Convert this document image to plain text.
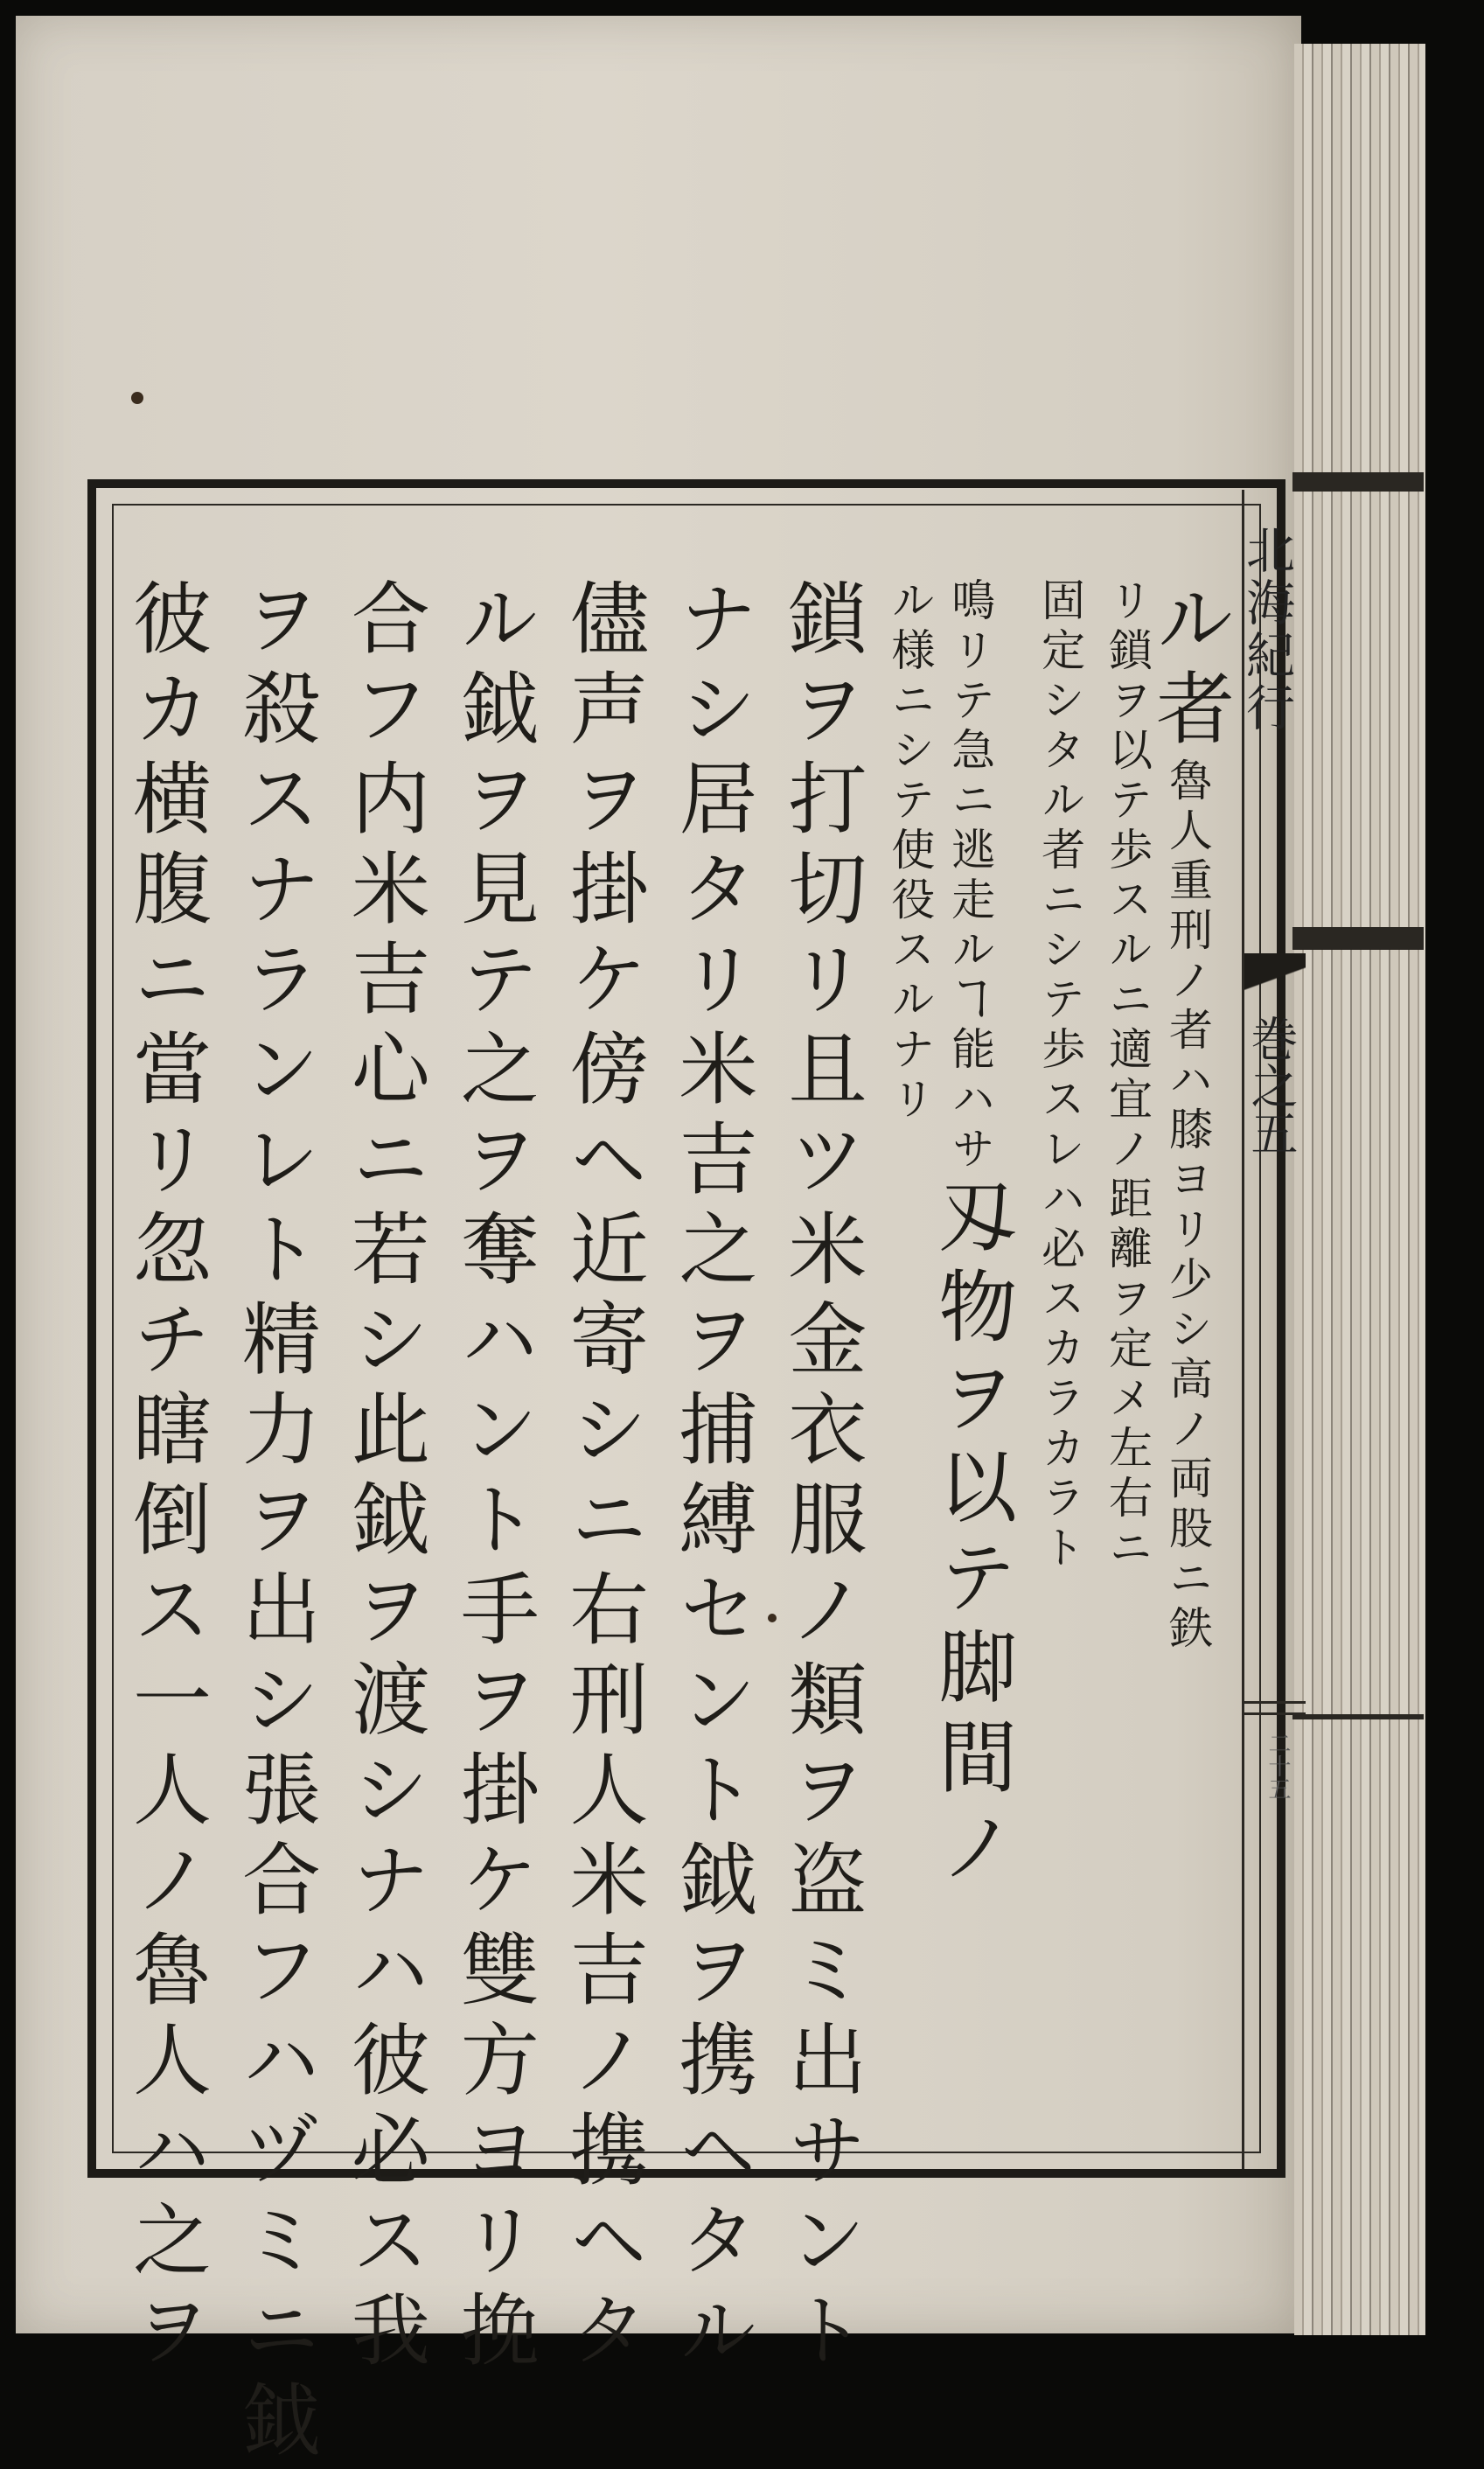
北海紀行
巻之五
二十五
ル者魯人重刑ノ者ハ膝ヨリ少シ高ノ両股ニ鉄
リ鎖ヲ以テ歩スルニ適宜ノ距離ヲ定メ左右ニ
固定シタル者ニシテ歩スレハ必スカラカラト
鳴リテ急ニ逃走ルヿ能ハサ刄物ヲ以テ脚間ノ
ル様ニシテ使役スルナリ
鎖ヲ打切リ且ツ米金衣服ノ類ヲ盗ミ出サント
ナシ居タリ米吉之ヲ捕縛セント鉞ヲ携ヘタル
儘声ヲ掛ケ傍ヘ近寄シニ右刑人米吉ノ携ヘタ
ル鉞ヲ見テ之ヲ奪ハント手ヲ掛ケ雙方ヨリ挽
合フ内米吉心ニ若シ此鉞ヲ渡シナハ彼必ス我
ヲ殺スナランレト精力ヲ出シ張合フハヅミニ鉞
彼カ横腹ニ當リ忽チ瞎倒ス一人ノ魯人ハ之ヲ
